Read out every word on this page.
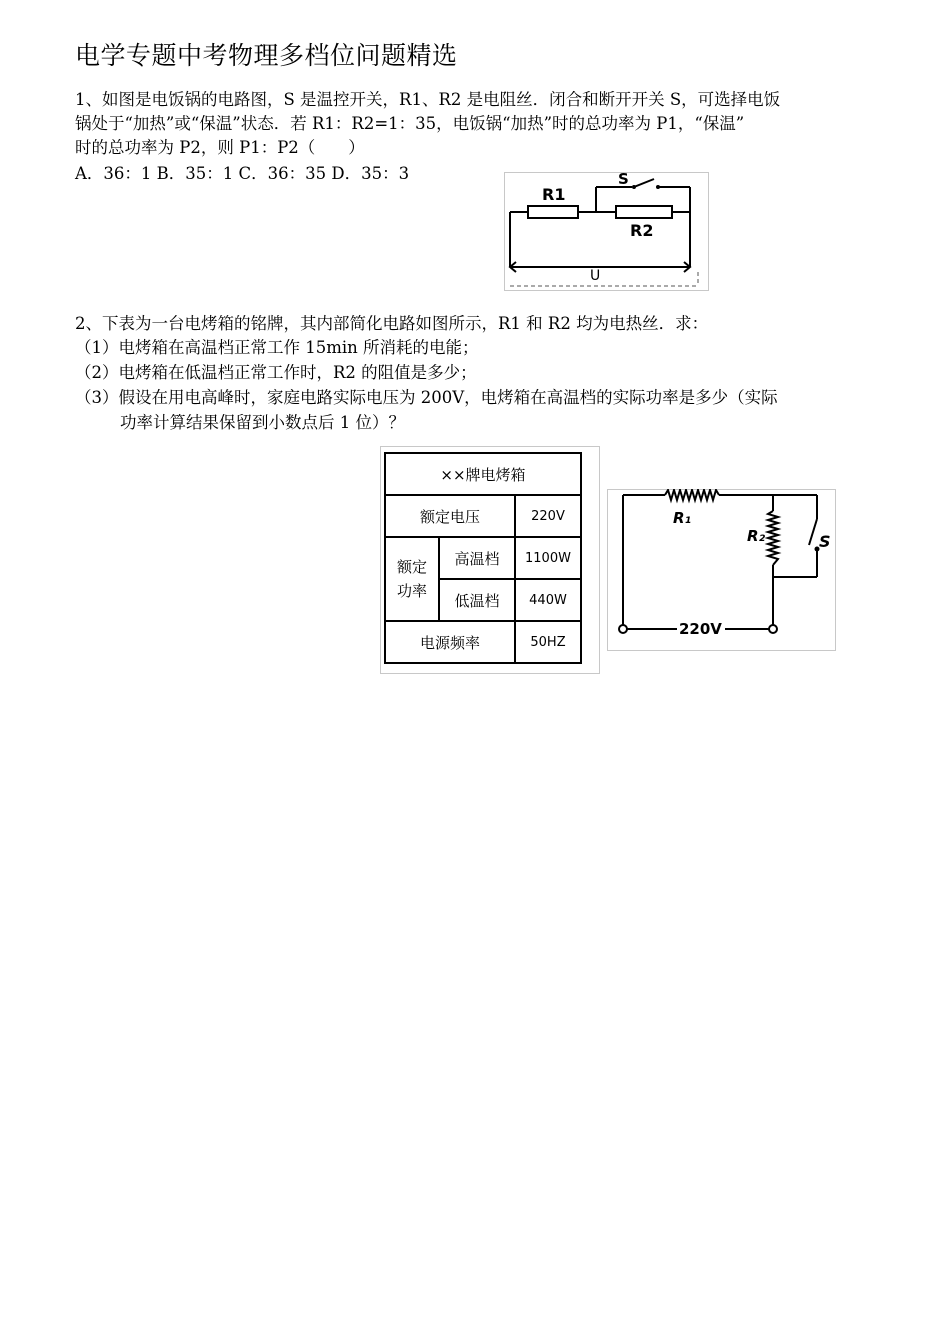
电学专题中考物理多档位问题精选
1、如图是电饭锅的电路图，S 是温控开关，R1、R2 是电阻丝．闭合和断开开关 S，可选择电饭
锅处于“加热”或“保温”状态．若 R1：R2=1：35，电饭锅“加热”时的总功率为 P1，“保温”
时的总功率为 P2，则 P1：P2（　　）
A．36：1 B．35：1 C．36：35 D．35：3
R1
R2
S
U
2、下表为一台电烤箱的铭牌，其内部简化电路如图所示，R1 和 R2 均为电热丝．求：
（1）电烤箱在高温档正常工作 15min 所消耗的电能；
（2）电烤箱在低温档正常工作时，R2 的阻值是多少；
（3）假设在用电高峰时，家庭电路实际电压为 200V，电烤箱在高温档的实际功率是多少（实际
功率计算结果保留到小数点后 1 位）？
××牌电烤箱		
额定电压		220V
额定功率	高温档	1100W
	低温档	440W
电源频率		50HZ
R₁
R₂	S
220V
